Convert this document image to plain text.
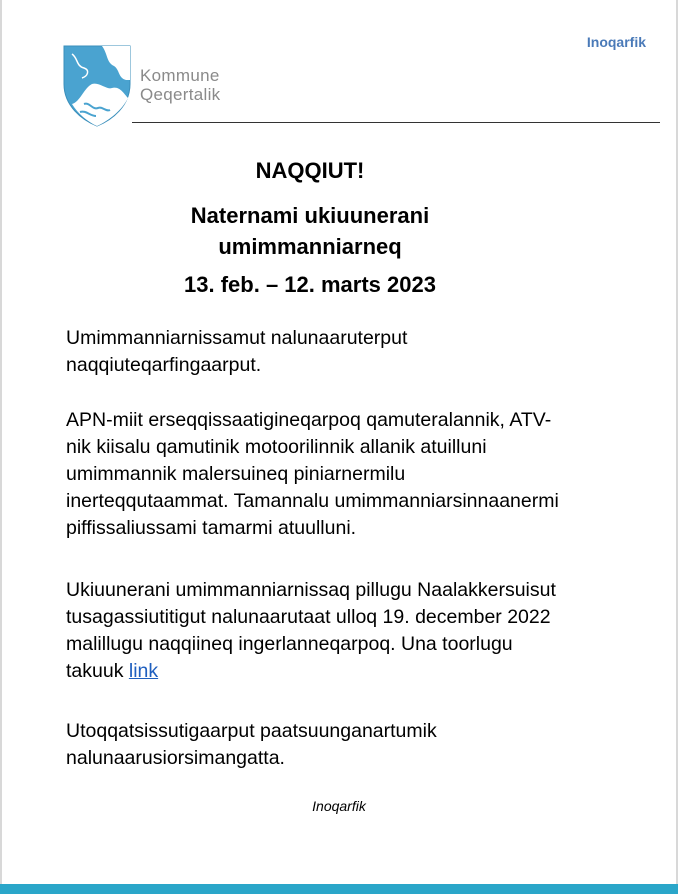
Inoqarfik
Kommune
Qeqertalik
NAQQIUT!
Naternami ukiuunerani
umimmanniarneq
13. feb. – 12. marts 2023

Umimmanniarnissamut nalunaaruterput
naqqiuteqarfingaarput.

APN-miit erseqqissaatigineqarpoq qamuteralannik, ATV-
nik kiisalu qamutinik motoorilinnik allanik atuilluni
umimmannik malersuineq piniarnermilu
inerteqqutaammat. Tamannalu umimmanniarsinnaanermi
piffissaliussami tamarmi atuulluni.

Ukiuunerani umimmanniarnissaq pillugu Naalakkersuisut
tusagassiutitigut nalunaarutaat ulloq 19. december 2022
malillugu naqqiineq ingerlanneqarpoq. Una toorlugu
takuuk link

Utoqqatsissutigaarput paatsuunganartumik
nalunaarusiorsimangatta.

Inoqarfik
